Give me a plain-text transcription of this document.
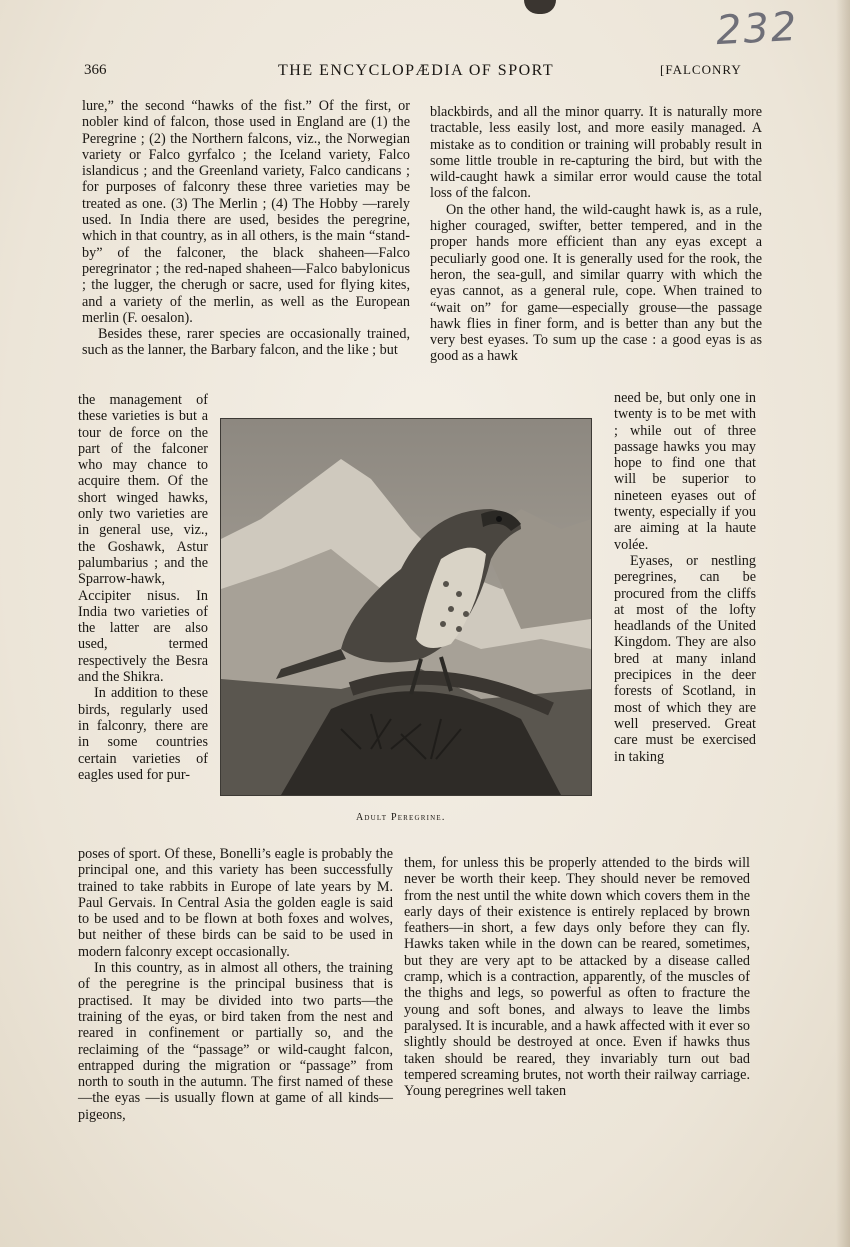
232
366	THE ENCYCLOPÆDIA OF SPORT	[FALCONRY

lure,” the second “hawks of the fist.” Of the first, or nobler kind of falcon, those used in England are (1) the Peregrine ; (2) the Northern falcons, viz., the Norwegian variety or Falco gyrfalco ; the Iceland variety, Falco islandicus ; and the Greenland variety, Falco candicans ; for purposes of falconry these three varieties may be treated as one. (3) The Merlin ; (4) The Hobby —rarely used. In India there are used, besides the peregrine, which in that country, as in all others, is the main “stand-by” of the falconer, the black shaheen—Falco peregrinator ; the red-naped shaheen—Falco babylonicus ; the lugger, the cherugh or sacre, used for flying kites, and a variety of the merlin, as well as the European merlin (F. oesalon).

Besides these, rarer species are occasionally trained, such as the lanner, the Barbary falcon, and the like ; but

blackbirds, and all the minor quarry. It is naturally more tractable, less easily lost, and more easily managed. A mistake as to condition or training will probably result in some little trouble in re-capturing the bird, but with the wild-caught hawk a similar error would cause the total loss of the falcon.

On the other hand, the wild-caught hawk is, as a rule, higher couraged, swifter, better tempered, and in the proper hands more efficient than any eyas except a peculiarly good one. It is generally used for the rook, the heron, the sea-gull, and similar quarry with which the eyas cannot, as a general rule, cope. When trained to “wait on” for game—especially grouse—the passage hawk flies in finer form, and is better than any but the very best eyases. To sum up the case : a good eyas is as good as a hawk

the management of these varieties is but a tour de force on the part of the falconer who may chance to acquire them. Of the short winged hawks, only two varieties are in general use, viz., the Goshawk, Astur palumbarius ; and the Sparrow-hawk, Accipiter nisus. In India two varieties of the latter are also used, termed respectively the Besra and the Shikra.

In addition to these birds, regularly used in falconry, there are in some countries certain varieties of eagles used for pur-

need be, but only one in twenty is to be met with ; while out of three passage hawks you may hope to find one that will be superior to nineteen eyases out of twenty, especially if you are aiming at la haute volée.

Eyases, or nestling peregrines, can be procured from the cliffs at most of the lofty headlands of the United Kingdom. They are also bred at many inland precipices in the deer forests of Scotland, in most of which they are well preserved. Great care must be exercised in taking

Adult Peregrine.

poses of sport. Of these, Bonelli’s eagle is probably the principal one, and this variety has been successfully trained to take rabbits in Europe of late years by M. Paul Gervais. In Central Asia the golden eagle is said to be used and to be flown at both foxes and wolves, but neither of these birds can be said to be used in modern falconry except occasionally.

In this country, as in almost all others, the training of the peregrine is the principal business that is practised. It may be divided into two parts—the training of the eyas, or bird taken from the nest and reared in confinement or partially so, and the reclaiming of the “passage” or wild-caught falcon, entrapped during the migration or “passage” from north to south in the autumn. The first named of these—the eyas —is usually flown at game of all kinds—pigeons,

them, for unless this be properly attended to the birds will never be worth their keep. They should never be removed from the nest until the white down which covers them in the early days of their existence is entirely replaced by brown feathers—in short, a few days only before they can fly. Hawks taken while in the down can be reared, sometimes, but they are very apt to be attacked by a disease called cramp, which is a contraction, apparently, of the muscles of the thighs and legs, so powerful as often to fracture the young and soft bones, and always to leave the limbs paralysed. It is incurable, and a hawk affected with it ever so slightly should be destroyed at once. Even if hawks thus taken should be reared, they invariably turn out bad tempered screaming brutes, not worth their railway carriage. Young peregrines well taken
